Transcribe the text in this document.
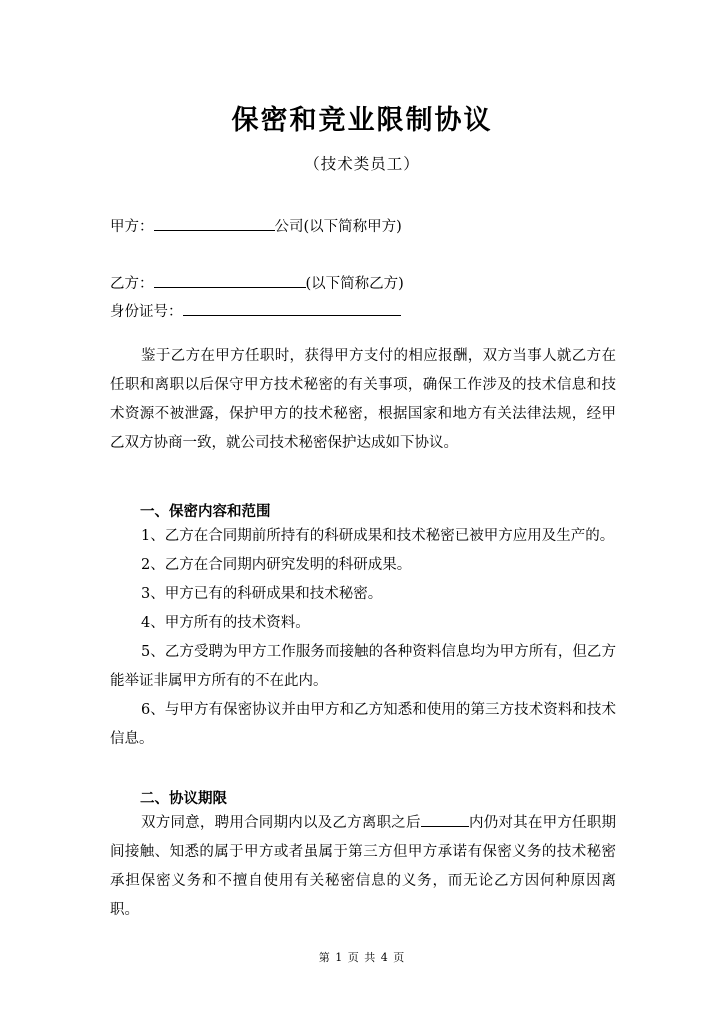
保密和竞业限制协议
（技术类员工）
甲方：	公司(以下简称甲方)
乙方：	(以下简称乙方)
身份证号：
鉴于乙方在甲方任职时，获得甲方支付的相应报酬，双方当事人就乙方在任职和离职以后保守甲方技术秘密的有关事项，确保工作涉及的技术信息和技术资源不被泄露，保护甲方的技术秘密，根据国家和地方有关法律法规，经甲乙双方协商一致，就公司技术秘密保护达成如下协议。
一、保密内容和范围
1、乙方在合同期前所持有的科研成果和技术秘密已被甲方应用及生产的。
2、乙方在合同期内研究发明的科研成果。
3、甲方已有的科研成果和技术秘密。
4、甲方所有的技术资料。
5、乙方受聘为甲方工作服务而接触的各种资料信息均为甲方所有，但乙方能举证非属甲方所有的不在此内。
6、与甲方有保密协议并由甲方和乙方知悉和使用的第三方技术资料和技术信息。
二、协议期限
双方同意，聘用合同期内以及乙方离职之后	内仍对其在甲方任职期间接触、知悉的属于甲方或者虽属于第三方但甲方承诺有保密义务的技术秘密承担保密义务和不擅自使用有关秘密信息的义务，而无论乙方因何种原因离职。
第 1 页 共 4 页
